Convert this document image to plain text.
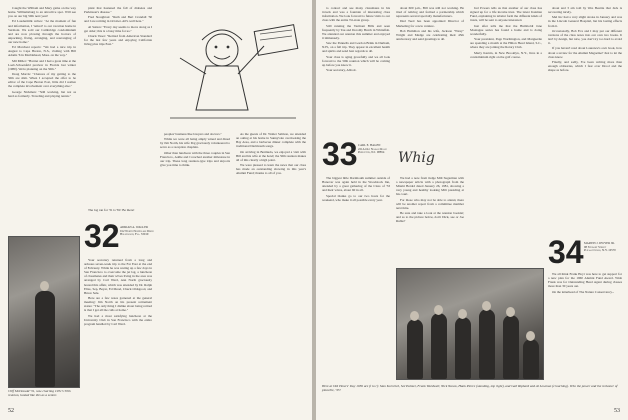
Caught the William and Mary game on the way home. Williamsburg is an attractive spot. Will see you on our big 50th next year!

Ed Loudermilk writes: "At the moment of fun and information, I 'retired' to our vacation home in Vermont. We sold our Cambridge condominium and are now plowing through the horrors of unpacking, fixing, arranging, and rearranging of our new home."

Ed Marchesi reports: "We had a nice trip in August to Cape Breton, N.S., visiting with Bill Adams '6 in Marblehead, Mass. on the way."

Mil Miller: "Harriet and I had a great time at the Loeb-Schoenfeld preview in Florida last winter (1980). We're planning on the 50th."

Doug Morris: "Chances of my getting to the 50th are slim. When I accepted the offer to be editor of the Cape Breton Post, little did I realize the complete involvement over everything else."

George Nickman: "Still working, but not as hard as formerly. Traveling and playing tennis."

Cliff McDonald '31, now charting 1931's 50th reunion, looked like this as a senior.

plant that hastened the fall of diabetes and Parkinson's disease."

Fred Stoughton: "Ruth and Bert Crandall '30 and I are retiring in October. All's well here."

Al Sutton: "Every day seems to move along as I get older; this is a busy time for us."

Chuck Vaser: "Retired from American Standard for the last few years and enjoying California living plus trips East."

The log ran for '31 is '81! Be there!

32 ADRIAN A. WALLER
912 North Northlake Drive
Hollywood, Fla. 33019

Your secretary returned from a long and arduous seven-week trip to the Far East at the end of February. While he was resting up a few days in San Francisco to overcome the jet lag, a luncheon of classmates and their wives living in the area was arranged by Carl Ward, Ann North graciously hosted this affair, which was attended by Dr. Ralph Elias, Sep, Beyer, Ed Mead, Chuck Oldsgood, and Bruce Sale.

Here are a few notes garnered at the general meeting: Jim North on his present retirement status: "The only thing I dislike about being retired is that I get all the calls at home."

We had a most satisfying luncheon at the University Club in San Francisco with the entire program handled by Carl Ward.

peoples' business like lawyers and doctors."

While we were all being amply wined and dined by Jim North, his wife Peg graciously volunteered to serve as a reception chaplain.

Other than luncheon with the three couples in San Francisco, Addie and I reached another milestone in our trip. These long reunion-type trips and airports give you time to think.

As the guests of Dr. Walter Salmon, we attended an outing at his home in Sunnyvale overlooking the Bay Area, and a barbecue dinner complete with the traditional Dartmouth songs.

On arriving in Bermuda, we enjoyed a visit with Bill and his wife at the hotel; the 50th reunion makes all of this clearly a high point.

We were pleased to learn the news that our class has made an outstanding showing in this year's Alumni Fund; thanks to all of you.

52

to contact and see many classmates in his travels and was a fountain of interesting class information. We look forward to future visits to our class with the entire Tri-state group.

Still running the Vermont Bills and seen frequently by Tau and Dorothy Burch in Whitefish. We attended our reunion this summer and enjoyed it immensely.

Saw the Pannells and Gordon Brink in Durham, N.H., on a fall trip. They appear in excellent health and spirits and send best regards to all.

Your class is aging gracefully and we all look forward to the 50th reunion which will be coming up before you know it.

Your secretary, Abbott.

Whig
33 CARL E. HAGEN
221A Old Nassau Road
Princeton, N.J. 08854

The biggest little Dartmouth summer outside of Hanover was again held in the Woodstock Inn, attended by a great gathering of the Class of '33 and their wives, about 60 in all.

Special thanks go to our two hosts for the weekend, who make it all possible every year.

about 600 p.m., Bill was still not working. He tired of retiring and formed a partnership which represents several specialty manufacturers.

Dud Teed has been appointed Director of Marketing for a new venture.

Bob Hamilton and his wife, Jackson "Waxy" Wright and Madge are celebrating their 45th anniversary and send greetings to all.

We had a note from Judge Milt Sugarman with a newspaper article with a photograph from the Miami Herald dated January 26, 1981, showing a very young and healthy looking Milt presiding at his court.

For those who may not be able to attend, there will be another report from a committee member next time.

Be sure and take a look at the reunion booklet; and as to the picture below, don't Dick, see or Joe Ruble?

Jud Powers tells us that another of our class has signed up for a life income trust. The latest Ironman Fund, explaining in tabular form the different kinds of trusts, will be sent to anyone interested.

Just after tells me that the Humboldt Jane Montague series has found a home and is doing wonderfully.

Your president, Page Worthington, and Marguerite are spending a month at the Hilton Head Island, S.C., where they are joining the Rotary Club.

Marty Kernin, in New Brooklyn, N.Y., lives in a condominium right on the golf course.

about and 3 am told by Wes Beattie that Jack is recovering nicely.

Mel Inc had a very slight stroke in January and was in the Lincoln General Hospital, but his lasting effects from it.

Occasionally, Bob Fox and I may put our different versions of the class notes into our own two books. It isn't by design, but nice, you don't try too hard to avoid it.

If you haven't read about Laurence's own book, how about a review for the Alumni Magazine? Just to let the class know.

Finally, and sadly, I've been writing more than enough obituaries, which I fear over Drool and the shape as before.

34 MARTIN J. DWYER JR.
98 Stewart Street
Pleasantville, N.Y. 10570

We all think Frank Hoyt was here to get support for a new plan for the 1960 Alumni Fund Award. Wish Frank was for Outstanding Head Agent during classes more than 30 years out.

On the letterhead of The Nature Conservancy...

Here at Old Timers' Day 1936 are (l to r): Stan Kornrich, Sol Palmer, Frank Wardwell, Nick Nanos, Hank Pierce (standing, top right), and Gail Riphard and Al Lowman (crouching). Who the power and the reckoner of pinochle, '33!
53
